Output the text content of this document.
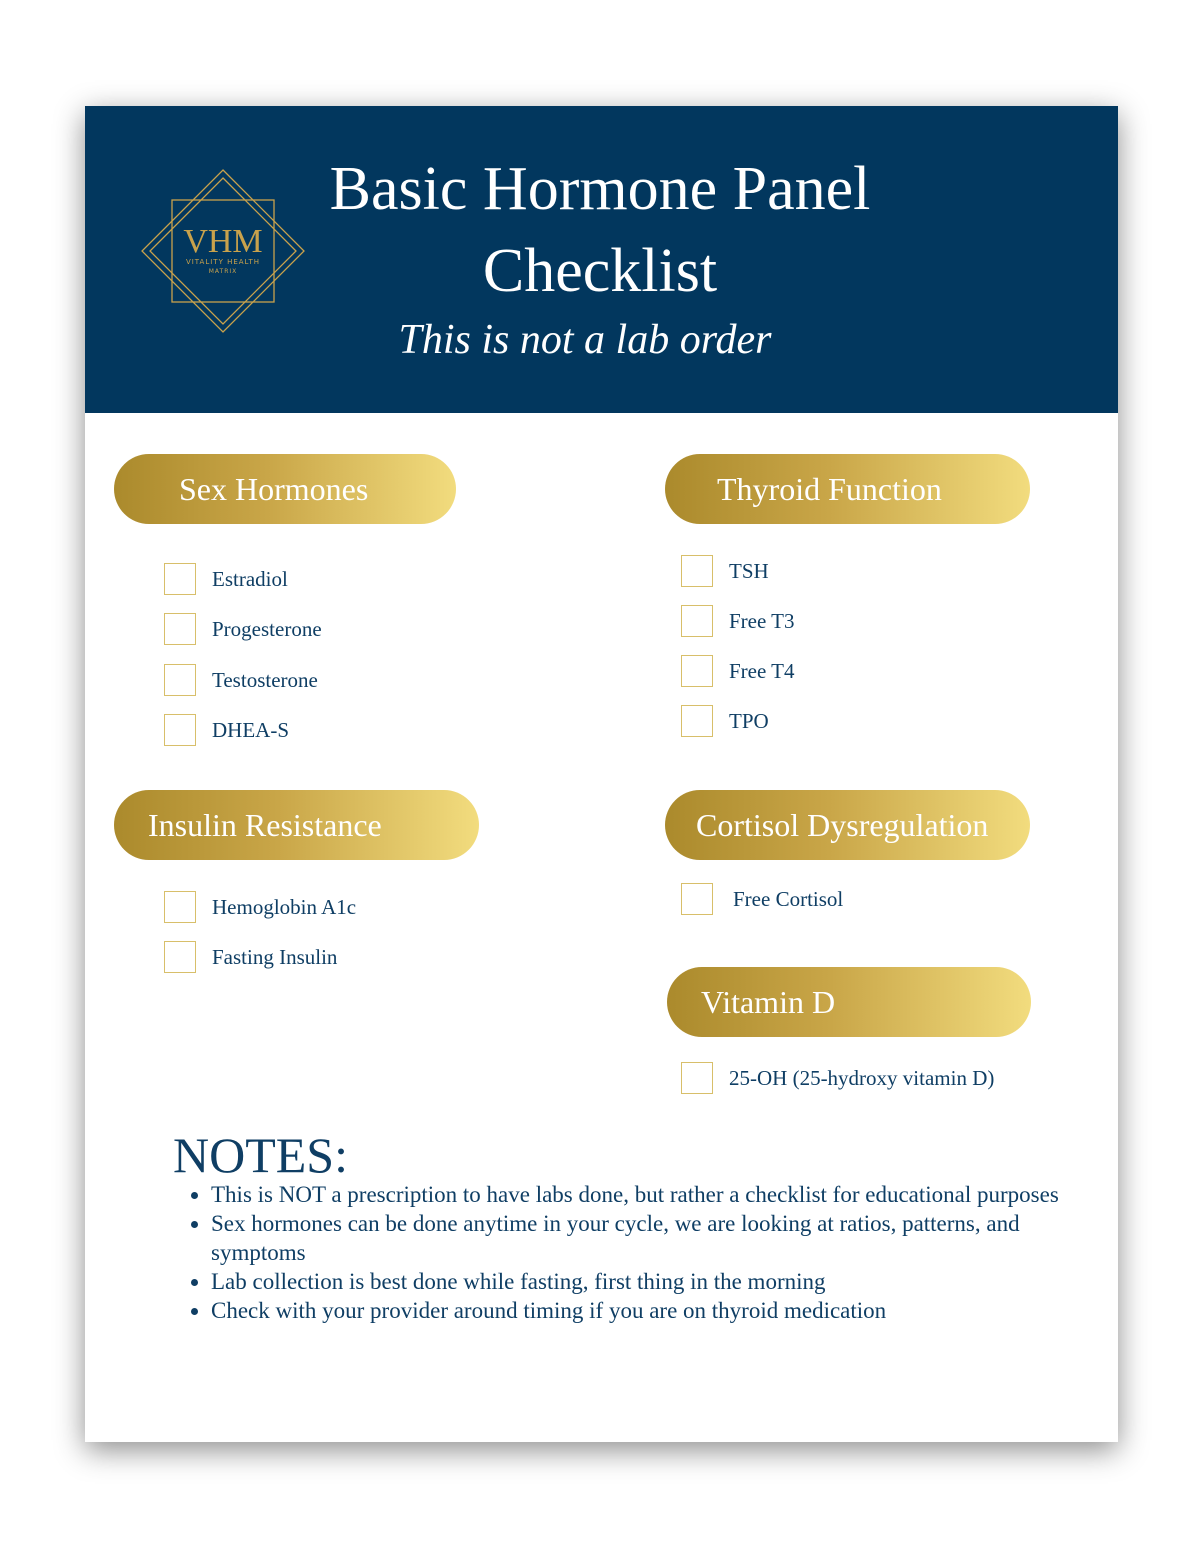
VHM
VITALITY HEALTH
MATRIX
Basic Hormone Panel
Checklist
This is not a lab order
Sex Hormones	Thyroid Function
Insulin Resistance	Cortisol Dysregulation
Vitamin D
Estradiol
Progesterone
Testosterone
DHEA-S
TSH
Free T3
Free T4
TPO
Hemoglobin A1c
Fasting Insulin
Free Cortisol
25-OH (25-hydroxy vitamin D)
NOTES:
• This is NOT a prescription to have labs done, but rather a checklist for educational purposes
• Sex hormones can be done anytime in your cycle, we are looking at ratios, patterns, and symptoms
• Lab collection is best done while fasting, first thing in the morning
• Check with your provider around timing if you are on thyroid medication
